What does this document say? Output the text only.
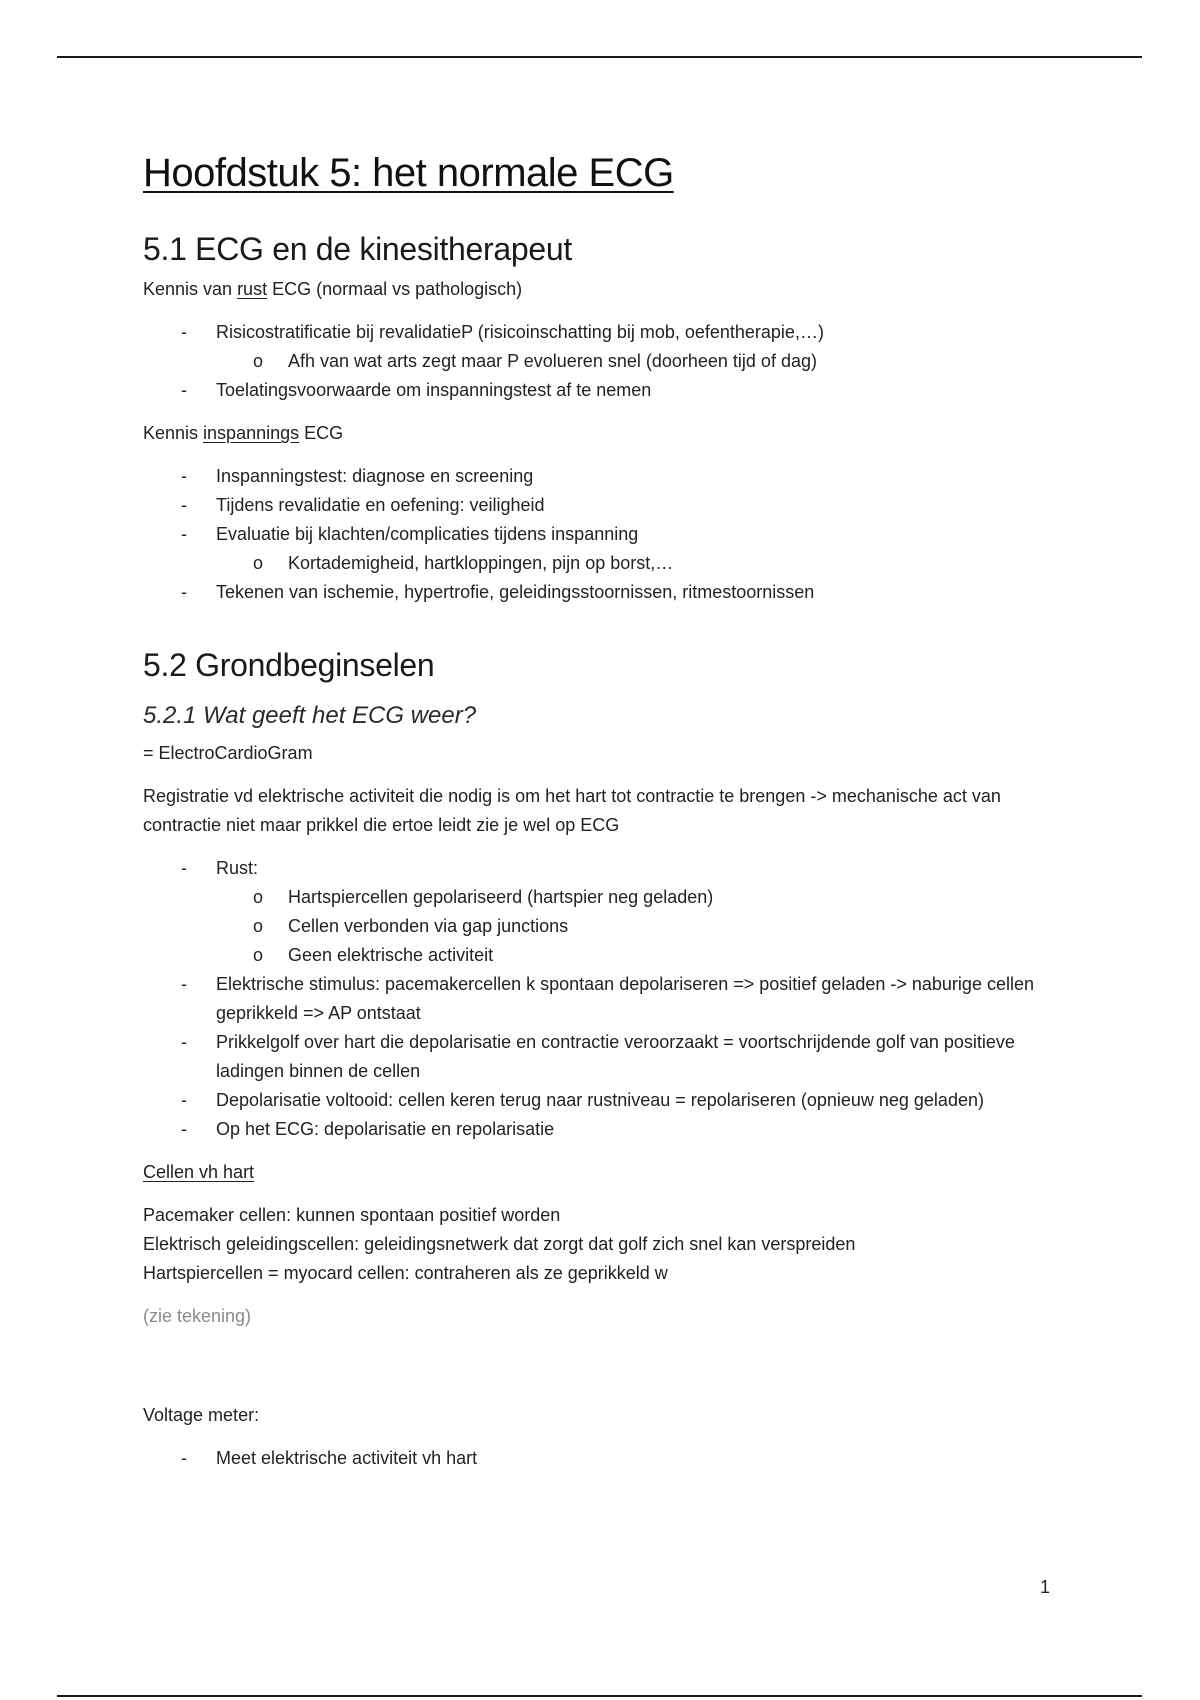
Hoofdstuk 5: het normale ECG
5.1 ECG en de kinesitherapeut

Kennis van rust ECG (normaal vs pathologisch)

- Risicostratificatie bij revalidatieP (risicoinschatting bij mob, oefentherapie,…)
o Afh van wat arts zegt maar P evolueren snel (doorheen tijd of dag)
- Toelatingsvoorwaarde om inspanningstest af te nemen

Kennis inspannings ECG

- Inspanningstest: diagnose en screening
- Tijdens revalidatie en oefening: veiligheid
- Evaluatie bij klachten/complicaties tijdens inspanning
o Kortademigheid, hartkloppingen, pijn op borst,…
- Tekenen van ischemie, hypertrofie, geleidingsstoornissen, ritmestoornissen
5.2 Grondbeginselen
5.2.1 Wat geeft het ECG weer?

= ElectroCardioGram

Registratie vd elektrische activiteit die nodig is om het hart tot contractie te brengen -> mechanische act van contractie niet maar prikkel die ertoe leidt zie je wel op ECG

- Rust:
o Hartspiercellen gepolariseerd (hartspier neg geladen)
o Cellen verbonden via gap junctions
o Geen elektrische activiteit
- Elektrische stimulus: pacemakercellen k spontaan depolariseren => positief geladen -> naburige cellen geprikkeld => AP ontstaat
- Prikkelgolf over hart die depolarisatie en contractie veroorzaakt = voortschrijdende golf van positieve ladingen binnen de cellen
- Depolarisatie voltooid: cellen keren terug naar rustniveau = repolariseren (opnieuw neg geladen)
- Op het ECG: depolarisatie en repolarisatie

Cellen vh hart

Pacemaker cellen: kunnen spontaan positief worden

Elektrisch geleidingscellen: geleidingsnetwerk dat zorgt dat golf zich snel kan verspreiden

Hartspiercellen = myocard cellen: contraheren als ze geprikkeld w

(zie tekening)

Voltage meter:

- Meet elektrische activiteit vh hart
1
